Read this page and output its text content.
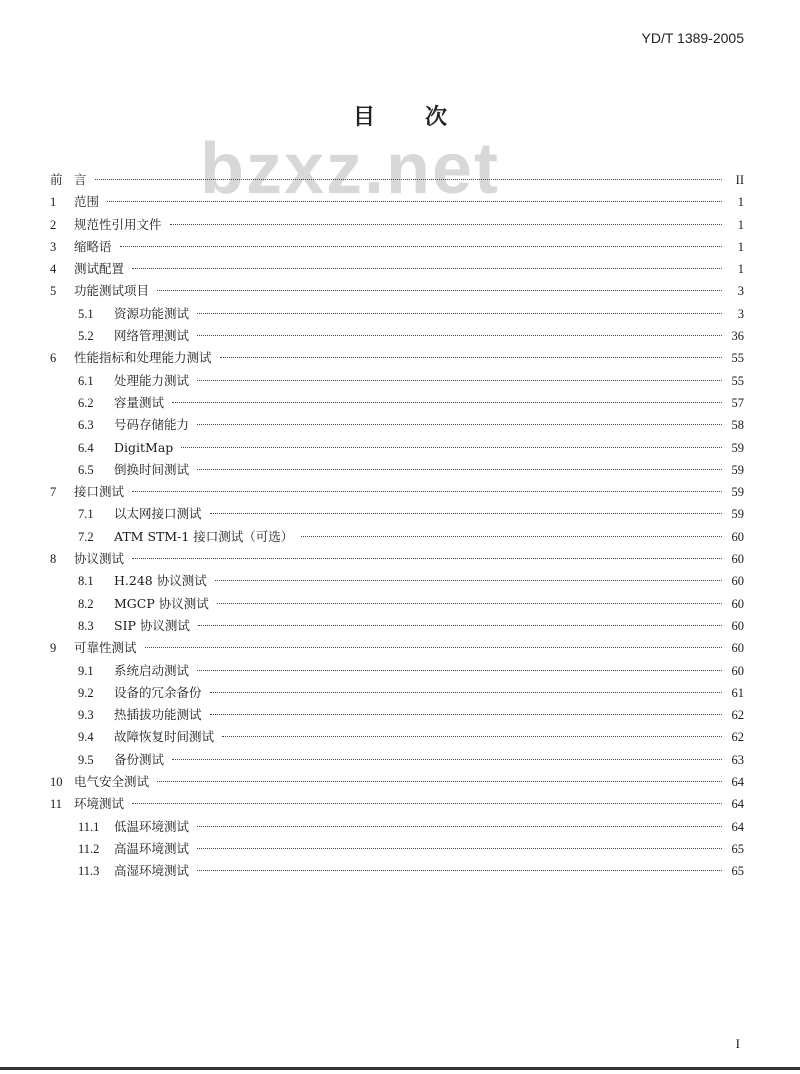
YD/T 1389-2005
bzxz.net
目次
前 言	II
1	范围	1
2	规范性引用文件	1
3	缩略语	1
4	测试配置	1
5	功能测试项目	3
5.1	资源功能测试	3
5.2	网络管理测试	36
6	性能指标和处理能力测试	55
6.1	处理能力测试	55
6.2	容量测试	57
6.3	号码存储能力	58
6.4	DigitMap	59
6.5	倒换时间测试	59
7	接口测试	59
7.1	以太网接口测试	59
7.2	ATM STM-1 接口测试（可选）	60
8	协议测试	60
8.1	H.248 协议测试	60
8.2	MGCP 协议测试	60
8.3	SIP 协议测试	60
9	可靠性测试	60
9.1	系统启动测试	60
9.2	设备的冗余备份	61
9.3	热插拔功能测试	62
9.4	故障恢复时间测试	62
9.5	备份测试	63
10 电气安全测试	64
11 环境测试	64
11.1	低温环境测试	64
11.2	高温环境测试	65
11.3	高湿环境测试	65
I
